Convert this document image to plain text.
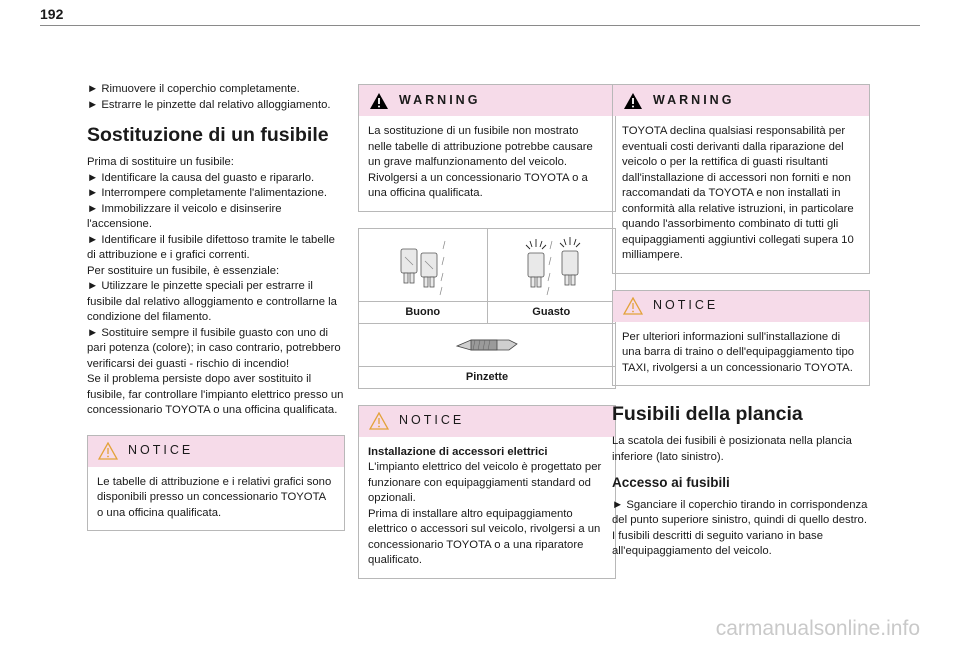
192

► Rimuovere il coperchio completamente.

► Estrarre le pinzette dal relativo alloggiamento.

Sostituzione di un fusibile

Prima di sostituire un fusibile:

► Identificare la causa del guasto e ripararlo.

► Interrompere completamente l'alimentazione.

► Immobilizzare il veicolo e disinserire l'accensione.

► Identificare il fusibile difettoso tramite le tabelle di attribuzione e i grafici correnti.

Per sostituire un fusibile, è essenziale:

► Utilizzare le pinzette speciali per estrarre il fusibile dal relativo alloggiamento e controllarne la condizione del filamento.

► Sostituire sempre il fusibile guasto con uno di pari potenza (colore); in caso contrario, potrebbero verificarsi dei guasti - rischio di incendio!

Se il problema persiste dopo aver sostituito il fusibile, far controllare l'impianto elettrico presso un concessionario TOYOTA o una officina qualificata.

NOTICE

Le tabelle di attribuzione e i relativi grafici sono disponibili presso un concessionario TOYOTA o una officina qualificata.

WARNING

La sostituzione di un fusibile non mostrato nelle tabelle di attribuzione potrebbe causare un grave malfunzionamento del veicolo. Rivolgersi a un concessionario TOYOTA o a una officina qualificata.

Buono	Guasto
Pinzette
NOTICE

Installazione di accessori elettrici

L'impianto elettrico del veicolo è progettato per funzionare con equipaggiamenti standard od opzionali.
Prima di installare altro equipaggiamento elettrico o accessori sul veicolo, rivolgersi a un concessionario TOYOTA o a una riparatore qualificato.

WARNING

TOYOTA declina qualsiasi responsabilità per eventuali costi derivanti dalla riparazione del veicolo o per la rettifica di guasti risultanti dall'installazione di accessori non forniti e non raccomandati da TOYOTA e non installati in conformità alla relative istruzioni, in particolare quando l'assorbimento combinato di tutti gli equipaggiamenti aggiuntivi collegati supera 10 milliampere.

NOTICE

Per ulteriori informazioni sull'installazione di una barra di traino o dell'equipaggiamento tipo TAXI, rivolgersi a un concessionario TOYOTA.

Fusibili della plancia

La scatola dei fusibili è posizionata nella plancia inferiore (lato sinistro).

Accesso ai fusibili

► Sganciare il coperchio tirando in corrispondenza del punto superiore sinistro, quindi di quello destro.

I fusibili descritti di seguito variano in base all'equipaggiamento del veicolo.

carmanualsonline.info
